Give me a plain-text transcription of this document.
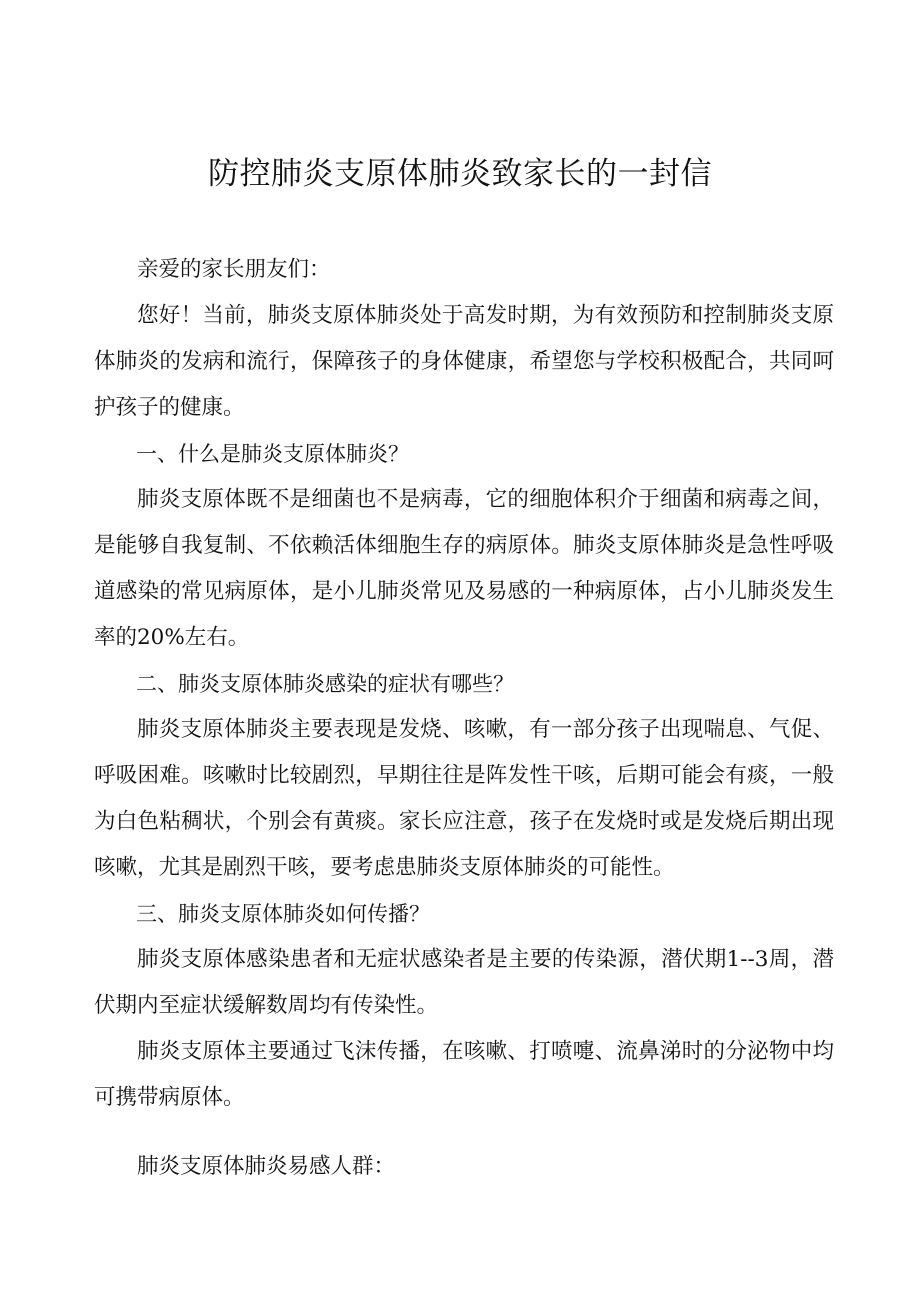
防控肺炎支原体肺炎致家长的一封信

亲爱的家长朋友们：

您好！当前，肺炎支原体肺炎处于高发时期，为有效预防和控制肺炎支原体肺炎的发病和流行，保障孩子的身体健康，希望您与学校积极配合，共同呵护孩子的健康。

一、什么是肺炎支原体肺炎？

肺炎支原体既不是细菌也不是病毒，它的细胞体积介于细菌和病毒之间，是能够自我复制、不依赖活体细胞生存的病原体。肺炎支原体肺炎是急性呼吸道感染的常见病原体，是小儿肺炎常见及易感的一种病原体，占小儿肺炎发生率的20%左右。

二、肺炎支原体肺炎感染的症状有哪些？

肺炎支原体肺炎主要表现是发烧、咳嗽，有一部分孩子出现喘息、气促、呼吸困难。咳嗽时比较剧烈，早期往往是阵发性干咳，后期可能会有痰，一般为白色粘稠状，个别会有黄痰。家长应注意，孩子在发烧时或是发烧后期出现咳嗽，尤其是剧烈干咳，要考虑患肺炎支原体肺炎的可能性。

三、肺炎支原体肺炎如何传播？

肺炎支原体感染患者和无症状感染者是主要的传染源，潜伏期1--3周，潜伏期内至症状缓解数周均有传染性。

肺炎支原体主要通过飞沫传播，在咳嗽、打喷嚏、流鼻涕时的分泌物中均可携带病原体。

肺炎支原体肺炎易感人群：
